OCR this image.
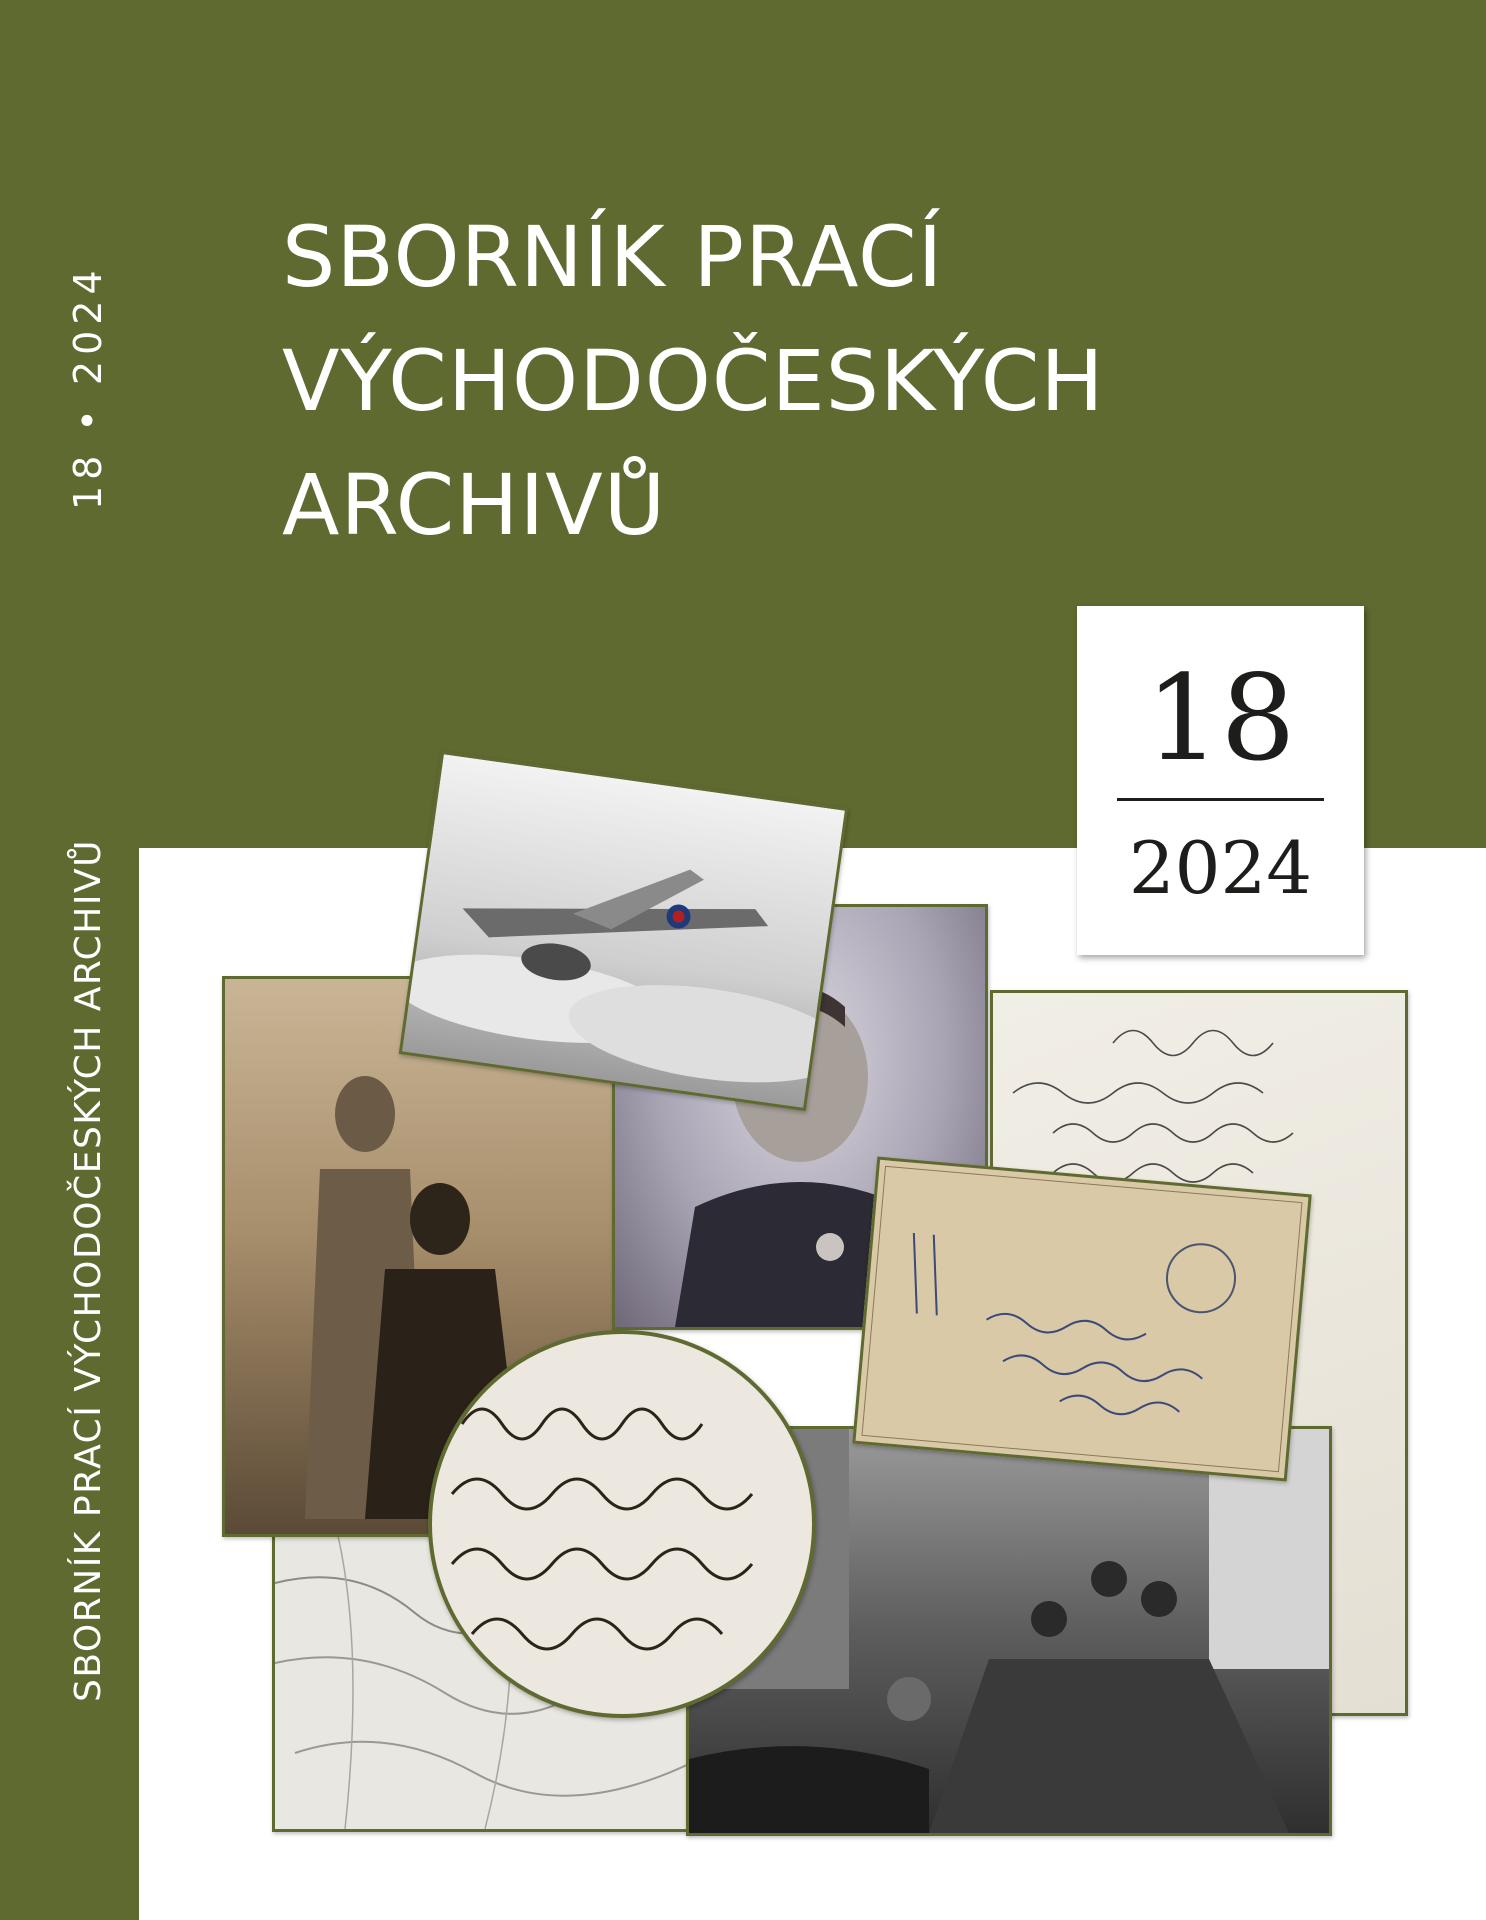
18 • 2024
SBORNÍK PRACÍ VÝCHODOČESKÝCH ARCHIVŮ
SBORNÍK PRACÍ
VÝCHODOČESKÝCH
ARCHIVŮ
18
2024
